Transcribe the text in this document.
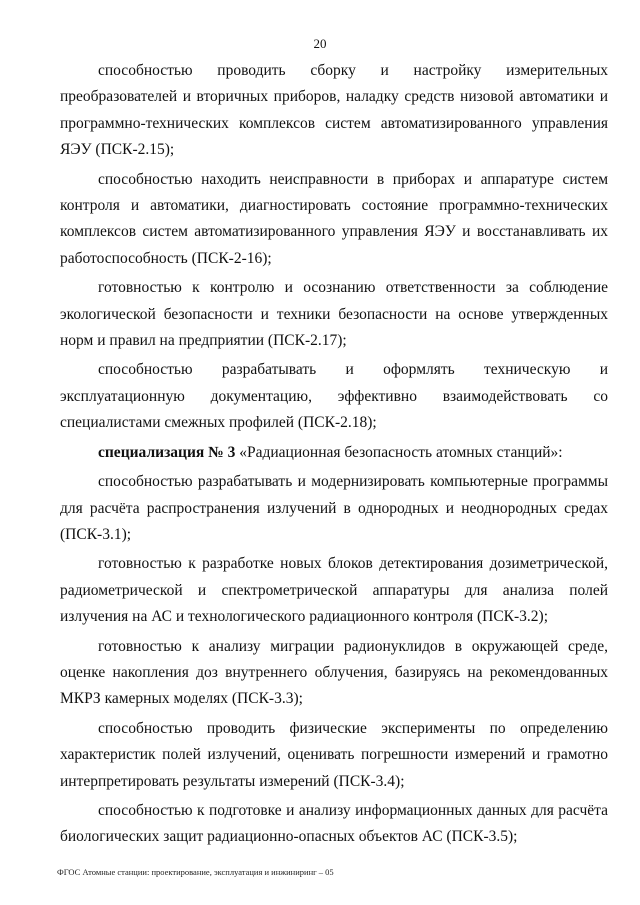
20

способностью проводить сборку и настройку измерительных преобразователей и вторичных приборов, наладку средств низовой автоматики и программно-технических комплексов систем автоматизированного управления ЯЭУ (ПСК-2.15);

способностью находить неисправности в приборах и аппаратуре систем контроля и автоматики, диагностировать состояние программно-технических комплексов систем автоматизированного управления ЯЭУ и восстанавливать их работоспособность (ПСК-2-16);

готовностью к контролю и осознанию ответственности за соблюдение экологической безопасности и техники безопасности на основе утвержденных норм и правил на предприятии (ПСК-2.17);

способностью разрабатывать и оформлять техническую и эксплуатационную документацию, эффективно взаимодействовать со специалистами смежных профилей (ПСК-2.18);

специализация № 3 «Радиационная безопасность атомных станций»:

способностью разрабатывать и модернизировать компьютерные программы для расчёта распространения излучений в однородных и неоднородных средах (ПСК-3.1);

готовностью к разработке новых блоков детектирования дозиметрической, радиометрической и спектрометрической аппаратуры для анализа полей излучения на АС и технологического радиационного контроля (ПСК-3.2);

готовностью к анализу миграции радионуклидов в окружающей среде, оценке накопления доз внутреннего облучения, базируясь на рекомендованных МКРЗ камерных моделях (ПСК-3.3);

способностью проводить физические эксперименты по определению характеристик полей излучений, оценивать погрешности измерений и грамотно интерпретировать результаты измерений (ПСК-3.4);

способностью к подготовке и анализу информационных данных для расчёта биологических защит радиационно-опасных объектов АС (ПСК-3.5);

ФГОС Атомные станции: проектирование, эксплуатация и инжиниринг – 05
